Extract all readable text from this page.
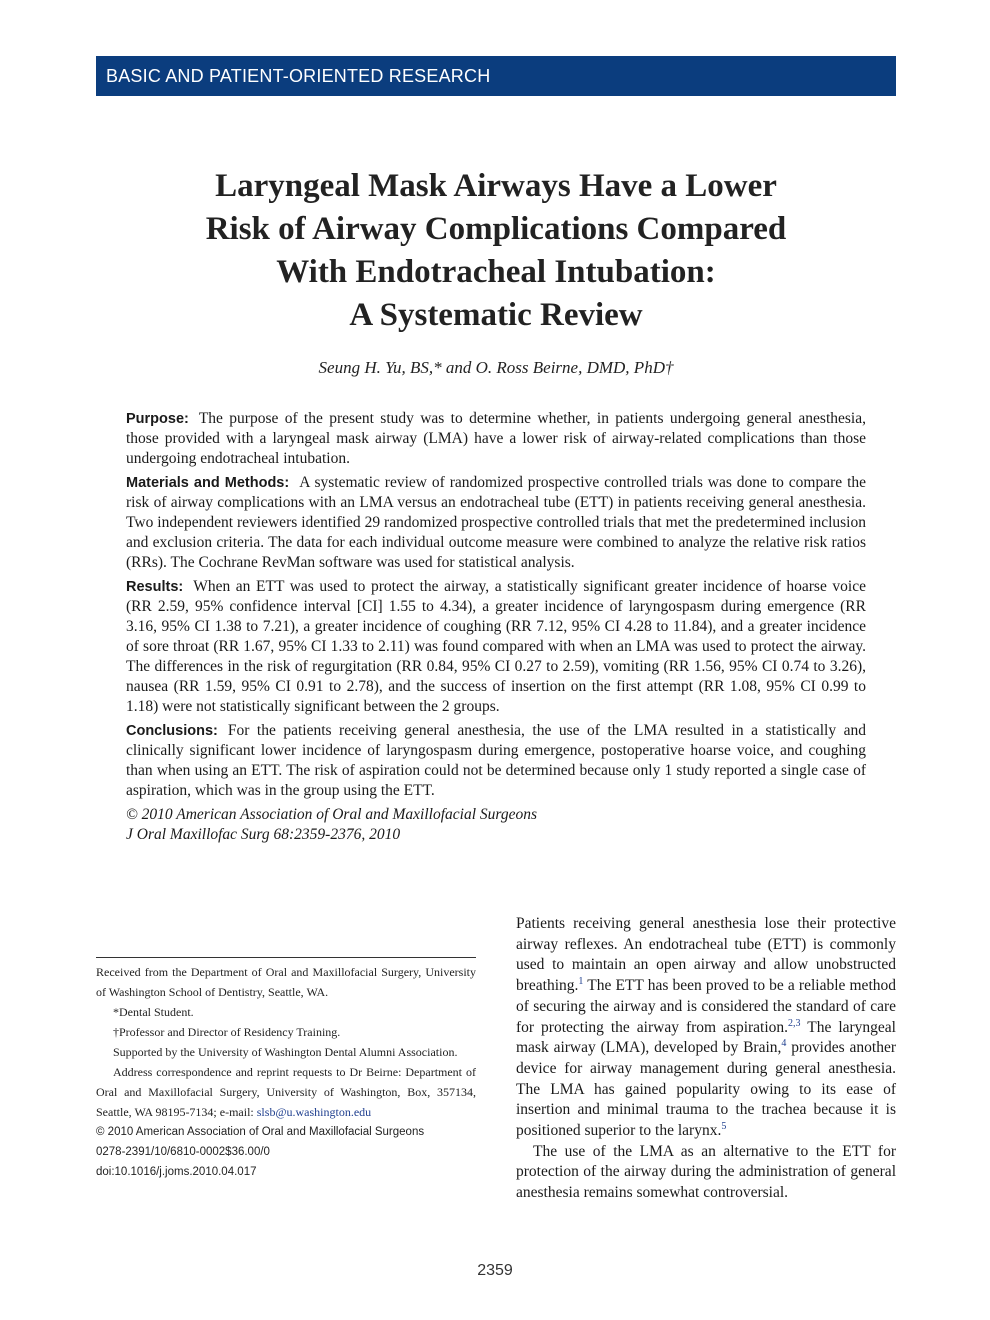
BASIC AND PATIENT-ORIENTED RESEARCH
Laryngeal Mask Airways Have a Lower
Risk of Airway Complications Compared
With Endotracheal Intubation:
A Systematic Review
Seung H. Yu, BS,* and O. Ross Beirne, DMD, PhD†

Purpose: The purpose of the present study was to determine whether, in patients undergoing general anesthesia, those provided with a laryngeal mask airway (LMA) have a lower risk of airway-related complications than those undergoing endotracheal intubation.

Materials and Methods: A systematic review of randomized prospective controlled trials was done to compare the risk of airway complications with an LMA versus an endotracheal tube (ETT) in patients receiving general anesthesia. Two independent reviewers identified 29 randomized prospective controlled trials that met the predetermined inclusion and exclusion criteria. The data for each individual outcome measure were combined to analyze the relative risk ratios (RRs). The Cochrane RevMan software was used for statistical analysis.

Results: When an ETT was used to protect the airway, a statistically significant greater incidence of hoarse voice (RR 2.59, 95% confidence interval [CI] 1.55 to 4.34), a greater incidence of laryngospasm during emergence (RR 3.16, 95% CI 1.38 to 7.21), a greater incidence of coughing (RR 7.12, 95% CI 4.28 to 11.84), and a greater incidence of sore throat (RR 1.67, 95% CI 1.33 to 2.11) was found compared with when an LMA was used to protect the airway. The differences in the risk of regurgitation (RR 0.84, 95% CI 0.27 to 2.59), vomiting (RR 1.56, 95% CI 0.74 to 3.26), nausea (RR 1.59, 95% CI 0.91 to 2.78), and the success of insertion on the first attempt (RR 1.08, 95% CI 0.99 to 1.18) were not statistically significant between the 2 groups.

Conclusions: For the patients receiving general anesthesia, the use of the LMA resulted in a statistically and clinically significant lower incidence of laryngospasm during emergence, postoperative hoarse voice, and coughing than when using an ETT. The risk of aspiration could not be determined because only 1 study reported a single case of aspiration, which was in the group using the ETT.

© 2010 American Association of Oral and Maxillofacial Surgeons

J Oral Maxillofac Surg 68:2359-2376, 2010

Received from the Department of Oral and Maxillofacial Surgery, University of Washington School of Dentistry, Seattle, WA.

*Dental Student.

†Professor and Director of Residency Training.

Supported by the University of Washington Dental Alumni Association.

Address correspondence and reprint requests to Dr Beirne: Department of Oral and Maxillofacial Surgery, University of Washington, Box, 357134, Seattle, WA 98195-7134; e-mail: slsb@u.washington.edu

© 2010 American Association of Oral and Maxillofacial Surgeons

0278-2391/10/6810-0002$36.00/0

doi:10.1016/j.joms.2010.04.017

Patients receiving general anesthesia lose their protective airway reflexes. An endotracheal tube (ETT) is commonly used to maintain an open airway and allow unobstructed breathing.$^1$ The ETT has been proved to be a reliable method of securing the airway and is considered the standard of care for protecting the airway from aspiration.$^{2,3}$ The laryngeal mask airway (LMA), developed by Brain,$^4$ provides another device for airway management during general anesthesia. The LMA has gained popularity owing to its ease of insertion and minimal trauma to the trachea because it is positioned superior to the larynx.$^5$

The use of the LMA as an alternative to the ETT for protection of the airway during the administration of general anesthesia remains somewhat controversial.

2359
